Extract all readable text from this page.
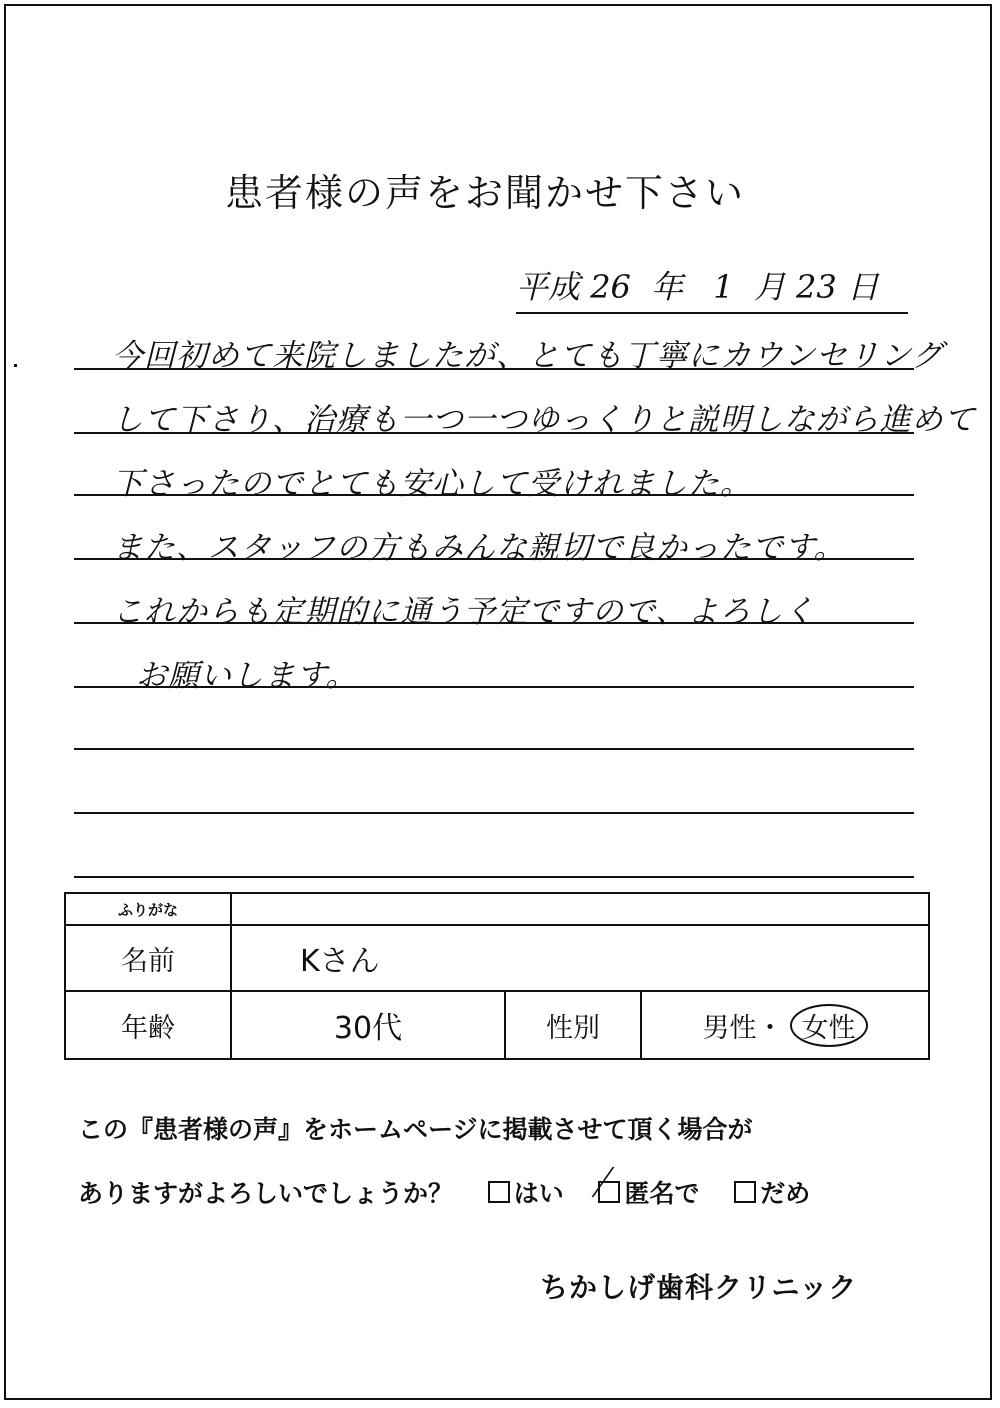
患者様の声をお聞かせ下さい
平成 26 年 1 月 23 日
今回初めて来院しましたが、とても丁寧にカウンセリング
して下さり、治療も一つ一つゆっくりと説明しながら進めて
下さったのでとても安心して受けれました。
また、スタッフの方もみんな親切で良かったです。
これからも定期的に通う予定ですので、よろしく
お願いします。
ふりがな			
名前	Kさん		
年齢	30代	性別	男性・ 女性
この『患者様の声』をホームページに掲載させて頂く場合が
ありますがよろしいでしょうか？ はい 匿名で だめ
ちかしげ歯科クリニック
